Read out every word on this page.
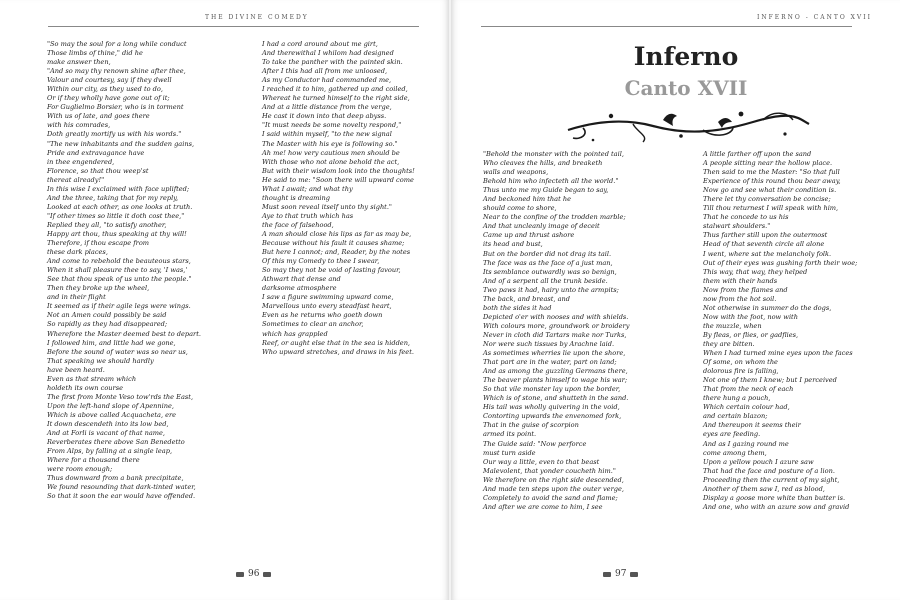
THE DIVINE COMEDY
"So may the soul for a long while conduct
Those limbs of thine," did he
make answer then,
"And so may thy renown shine after thee,
Valour and courtesy, say if they dwell
Within our city, as they used to do,
Or if they wholly have gone out of it;
For Guglielmo Borsier, who is in torment
With us of late, and goes there
with his comrades,
Doth greatly mortify us with his words."
"The new inhabitants and the sudden gains,
Pride and extravagance have
in thee engendered,
Florence, so that thou weep'st
thereat already!"
In this wise I exclaimed with face uplifted;
And the three, taking that for my reply,
Looked at each other, as one looks at truth.
"If other times so little it doth cost thee,"
Replied they all, "to satisfy another,
Happy art thou, thus speaking at thy will!
Therefore, if thou escape from
these dark places,
And come to rebehold the beauteous stars,
When it shall pleasure thee to say, 'I was,'
See that thou speak of us unto the people."
Then they broke up the wheel,
and in their flight
It seemed as if their agile legs were wings.
Not an Amen could possibly be said
So rapidly as they had disappeared;
Wherefore the Master deemed best to depart.
I followed him, and little had we gone,
Before the sound of water was so near us,
That speaking we should hardly
have been heard.
Even as that stream which
holdeth its own course
The first from Monte Veso tow'rds the East,
Upon the left-hand slope of Apennine,
Which is above called Acquacheta, ere
It down descendeth into its low bed,
And at Forli is vacant of that name,
Reverberates there above San Benedetto
From Alps, by falling at a single leap,
Where for a thousand there
were room enough;
Thus downward from a bank precipitate,
We found resounding that dark-tinted water,
So that it soon the ear would have offended.
I had a cord around about me girt,
And therewithal I whilom had designed
To take the panther with the painted skin.
After I this had all from me unloosed,
As my Conductor had commanded me,
I reached it to him, gathered up and coiled,
Whereat he turned himself to the right side,
And at a little distance from the verge,
He cast it down into that deep abyss.
"It must needs be some novelty respond,"
I said within myself, "to the new signal
The Master with his eye is following so."
Ah me! how very cautious men should be
With those who not alone behold the act,
But with their wisdom look into the thoughts!
He said to me: "Soon there will upward come
What I await; and what thy
thought is dreaming
Must soon reveal itself unto thy sight."
Aye to that truth which has
the face of falsehood,
A man should close his lips as far as may be,
Because without his fault it causes shame;
But here I cannot; and, Reader, by the notes
Of this my Comedy to thee I swear,
So may they not be void of lasting favour,
Athwart that dense and
darksome atmosphere
I saw a figure swimming upward come,
Marvellous unto every steadfast heart,
Even as he returns who goeth down
Sometimes to clear an anchor,
which has grappled
Reef, or aught else that in the sea is hidden,
Who upward stretches, and draws in his feet.
96
INFERNO - CANTO XVII
Inferno
Canto XVII
"Behold the monster with the pointed tail,
Who cleaves the hills, and breaketh
walls and weapons,
Behold him who infecteth all the world."
Thus unto me my Guide began to say,
And beckoned him that he
should come to shore,
Near to the confine of the trodden marble;
And that uncleanly image of deceit
Came up and thrust ashore
its head and bust,
But on the border did not drag its tail.
The face was as the face of a just man,
Its semblance outwardly was so benign,
And of a serpent all the trunk beside.
Two paws it had, hairy unto the armpits;
The back, and breast, and
both the sides it had
Depicted o'er with nooses and with shields.
With colours more, groundwork or broidery
Never in cloth did Tartars make nor Turks,
Nor were such tissues by Arachne laid.
As sometimes wherries lie upon the shore,
That part are in the water, part on land;
And as among the guzzling Germans there,
The beaver plants himself to wage his war;
So that vile monster lay upon the border,
Which is of stone, and shutteth in the sand.
His tail was wholly quivering in the void,
Contorting upwards the envenomed fork,
That in the guise of scorpion
armed its point.
The Guide said: "Now perforce
must turn aside
Our way a little, even to that beast
Malevolent, that yonder coucheth him."
We therefore on the right side descended,
And made ten steps upon the outer verge,
Completely to avoid the sand and flame;
And after we are come to him, I see
A little farther off upon the sand
A people sitting near the hollow place.
Then said to me the Master: "So that full
Experience of this round thou bear away,
Now go and see what their condition is.
There let thy conversation be concise;
Till thou returnest I will speak with him,
That he concede to us his
stalwart shoulders."
Thus farther still upon the outermost
Head of that seventh circle all alone
I went, where sat the melancholy folk.
Out of their eyes was gushing forth their woe;
This way, that way, they helped
them with their hands
Now from the flames and
now from the hot soil.
Not otherwise in summer do the dogs,
Now with the foot, now with
the muzzle, when
By fleas, or flies, or gadflies,
they are bitten.
When I had turned mine eyes upon the faces
Of some, on whom the
dolorous fire is falling,
Not one of them I knew; but I perceived
That from the neck of each
there hung a pouch,
Which certain colour had,
and certain blazon;
And thereupon it seems their
eyes are feeding.
And as I gazing round me
come among them,
Upon a yellow pouch I azure saw
That had the face and posture of a lion.
Proceeding then the current of my sight,
Another of them saw I, red as blood,
Display a goose more white than butter is.
And one, who with an azure sow and gravid
97
